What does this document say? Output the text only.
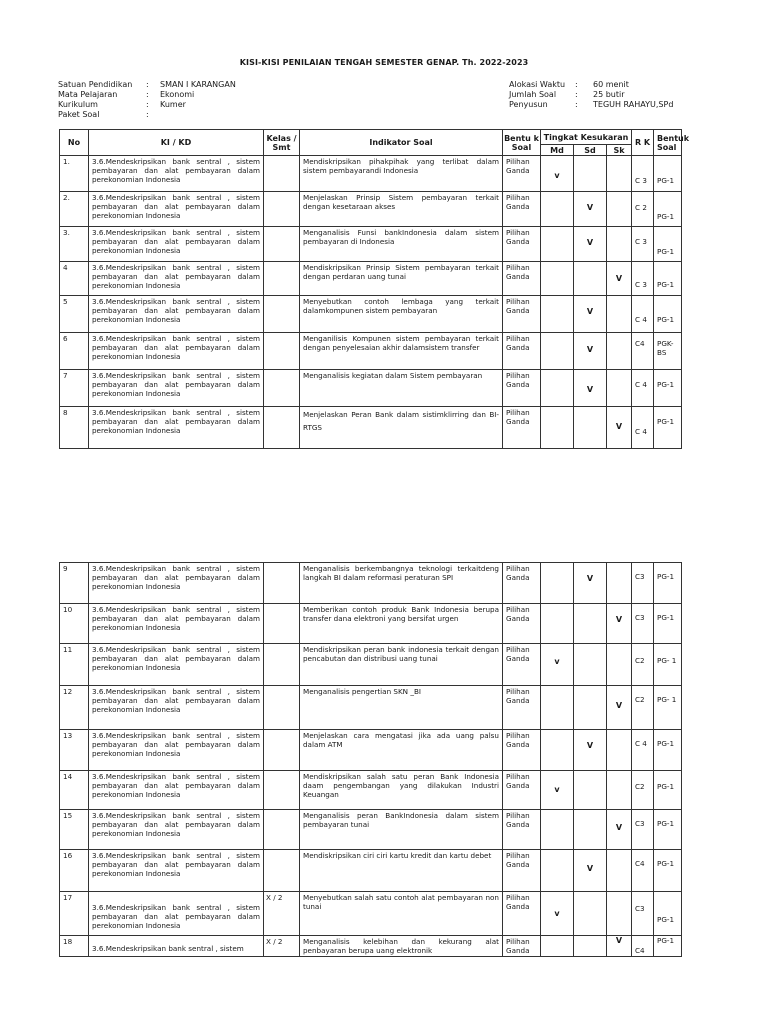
KISI-KISI PENILAIAN TENGAH SEMESTER GENAP. Th. 2022-2023
Satuan Pendidikan	:	SMAN I KARANGAN
Mata Pelajaran	:	Ekonomi
Kurikulum	:	Kumer
Paket Soal	:
Alokasi Waktu	:	60 menit
Jumlah Soal	:	25 butir
Penyusun	:	TEGUH RAHAYU,SPd
No	KI / KD	Kelas / Smt	Indikator Soal	Bentu k Soal	Tingkat Kesukaran			R K	Bentuk Soal
					Md	Sd	Sk		
1.	3.6.Mendeskripsikan bank sentral , sistem pembayaran dan alat pembayaran dalam perekonomian Indonesia		Mendiskripsikan pihakpihak yang terlibat dalam sistem pembayarandi Indonesia	Pilihan Ganda	v			C 3	PG-1

2.	3.6.Mendeskripsikan bank sentral , sistem pembayaran dan alat pembayaran dalam perekonomian Indonesia		Menjelaskan Prinsip Sistem pembayaran terkait dengan kesetaraan akses	Pilihan Ganda		V		C 2	PG-1

3.	3.6.Mendeskripsikan bank sentral , sistem pembayaran dan alat pembayaran dalam perekonomian Indonesia		Menganalisis Funsi bankIndonesia dalam sistem pembayaran di Indonesia	Pilihan Ganda		V		C 3	PG-1

4	3.6.Mendeskripsikan bank sentral , sistem pembayaran dan alat pembayaran dalam perekonomian Indonesia		Mendiskripsikan Prinsip Sistem pembayaran terkait dengan perdaran uang tunai	Pilihan Ganda			V	C 3	PG-1

5	3.6.Mendeskripsikan bank sentral , sistem pembayaran dan alat pembayaran dalam perekonomian Indonesia		Menyebutkan contoh lembaga yang terkait dalamkompunen sistem pembayaran	Pilihan Ganda		V		C 4	PG-1

6	3.6.Mendeskripsikan bank sentral , sistem pembayaran dan alat pembayaran dalam perekonomian Indonesia		Menganilisis Kompunen sistem pembayaran terkait dengan penyelesaian akhir dalamsistem transfer	Pilihan Ganda		V		C4	PGK-BS

7	3.6.Mendeskripsikan bank sentral , sistem pembayaran dan alat pembayaran dalam perekonomian Indonesia		Menganalisis kegiatan dalam Sistem pembayaran	Pilihan Ganda		V		C 4	PG-1

8	3.6.Mendeskripsikan bank sentral , sistem pembayaran dan alat pembayaran dalam perekonomian Indonesia		Menjelaskan Peran Bank dalam sistimklirring dan BI-RTGS	Pilihan Ganda			V	C 4	PG-1
9	3.6.Mendeskripsikan bank sentral , sistem pembayaran dan alat pembayaran dalam perekonomian Indonesia		Menganalisis berkembangnya teknologi terkaitdeng langkah BI dalam reformasi peraturan SPI	Pilihan Ganda		V		C3	PG-1

10	3.6.Mendeskripsikan bank sentral , sistem pembayaran dan alat pembayaran dalam perekonomian Indonesia		Memberikan contoh produk Bank Indonesia berupa transfer dana elektroni yang bersifat urgen	Pilihan Ganda			V	C3	PG-1

11	3.6.Mendeskripsikan bank sentral , sistem pembayaran dan alat pembayaran dalam perekonomian Indonesia		Mendiskripsikan peran bank indonesia terkait dengan pencabutan dan distribusi uang tunai	Pilihan Ganda	v			C2	PG- 1

12	3.6.Mendeskripsikan bank sentral , sistem pembayaran dan alat pembayaran dalam perekonomian Indonesia		Menganalisis pengertian SKN _BI	Pilihan Ganda			V	C2	PG- 1

13	3.6.Mendeskripsikan bank sentral , sistem pembayaran dan alat pembayaran dalam perekonomian Indonesia		Menjelaskan cara mengatasi jika ada uang palsu dalam ATM	Pilihan Ganda		V		C 4	PG-1

14	3.6.Mendeskripsikan bank sentral , sistem pembayaran dan alat pembayaran dalam perekonomian Indonesia		Mendiskripsikan salah satu peran Bank Indonesia daam pengembangan yang dilakukan Industri Keuangan	Pilihan Ganda	v			C2	PG-1

15	3.6.Mendeskripsikan bank sentral , sistem pembayaran dan alat pembayaran dalam perekonomian Indonesia		Menganalisis peran BankIndonesia dalam sistem pembayaran tunai	Pilihan Ganda			V	C3	PG-1

16	3.6.Mendeskripsikan bank sentral , sistem pembayaran dan alat pembayaran dalam perekonomian Indonesia		Mendiskripsikan ciri ciri kartu kredit dan kartu debet	Pilihan Ganda		V		C4	PG-1

17	3.6.Mendeskripsikan bank sentral , sistem pembayaran dan alat pembayaran dalam perekonomian Indonesia	X / 2	Menyebutkan salah satu contoh alat pembayaran non tunai	Pilihan Ganda	v			C3	PG-1

18	3.6.Mendeskripsikan bank sentral , sistem	X / 2	Menganalisis kelebihan dan kekurang alat penbayaran berupa uang elektronik	Pilihan Ganda			V	C4	PG-1
